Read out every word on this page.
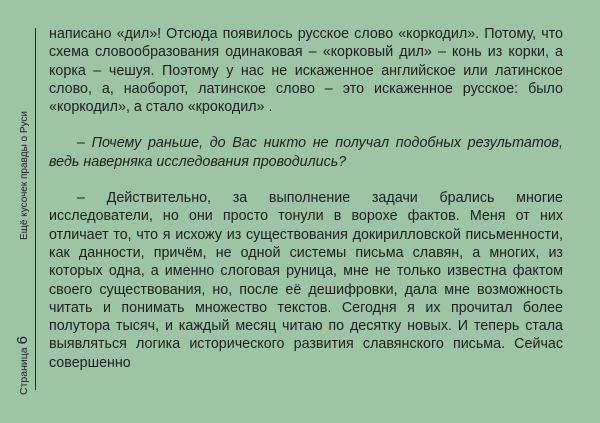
Ещё кусочек правды о Руси
Страница6

написано «дил»! Отсюда появилось русское слово «коркодил». Потому, что схема словообразования одинаковая – «корковый дил» – конь из корки, а корка – чешуя. Поэтому у нас не искаженное английское или латинское слово, а, наоборот, латинское слово – это искаженное русское: было «коркодил», а стало «крокодил» .

– Почему раньше, до Вас никто не получал подобных результатов, ведь наверняка исследования проводились?

– Действительно, за выполнение задачи брались многие исследователи, но они просто тонули в ворохе фактов. Меня от них отличает то, что я исхожу из существования докирилловской письменности, как данности, причём, не одной системы письма славян, а многих, из которых одна, а именно слоговая руница, мне не только известна фактом своего существования, но, после её дешифровки, дала мне возможность читать и понимать множество текстов. Сегодня я их прочитал более полутора тысяч, и каждый месяц читаю по десятку новых. И теперь стала выявляться логика исторического развития славянского письма. Сейчас совершенно
